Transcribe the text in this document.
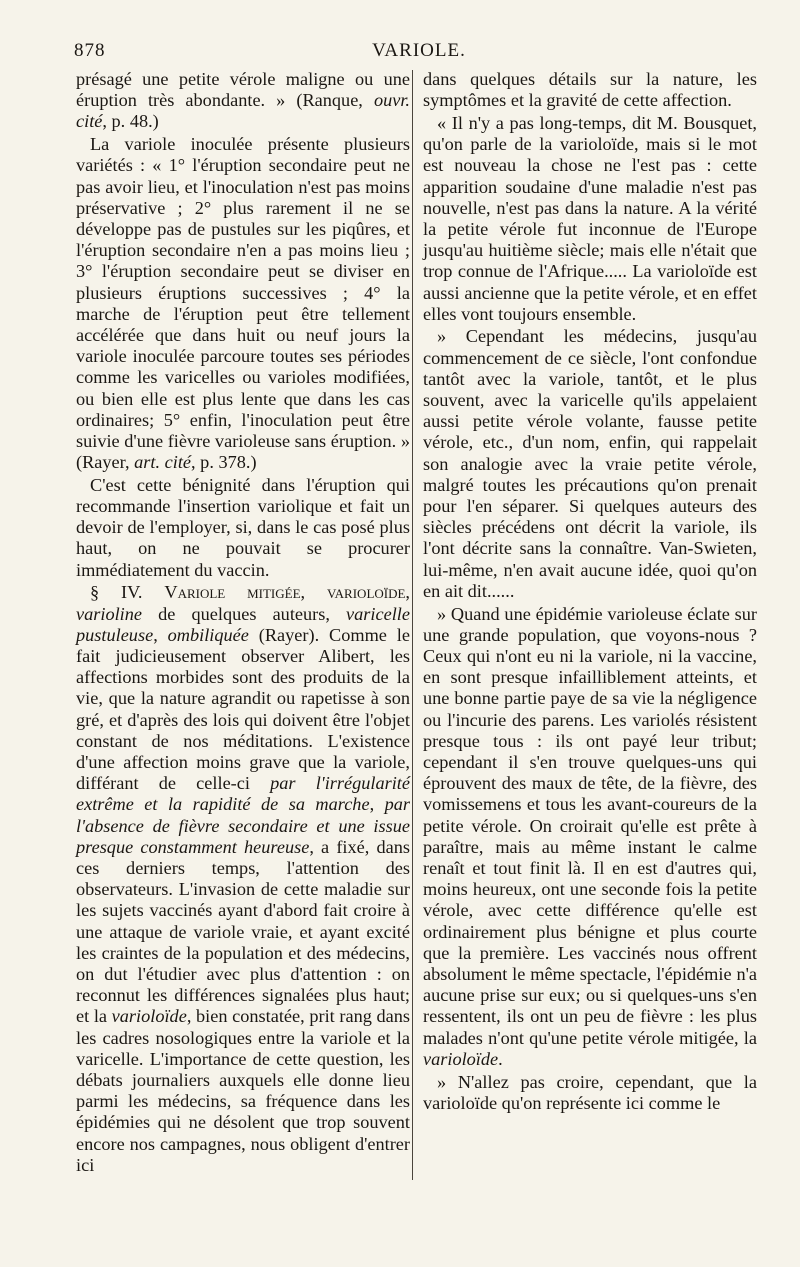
878	VARIOLE.

présagé une petite vérole maligne ou une éruption très abondante. » (Ranque, ouvr. cité, p. 48.)

La variole inoculée présente plusieurs variétés : « 1° l'éruption secondaire peut ne pas avoir lieu, et l'inoculation n'est pas moins préservative ; 2° plus rarement il ne se développe pas de pustules sur les piqûres, et l'éruption secondaire n'en a pas moins lieu ; 3° l'éruption secondaire peut se diviser en plusieurs éruptions successives ; 4° la marche de l'éruption peut être tellement accélérée que dans huit ou neuf jours la variole inoculée parcoure toutes ses périodes comme les varicelles ou varioles modifiées, ou bien elle est plus lente que dans les cas ordinaires; 5° enfin, l'inoculation peut être suivie d'une fièvre varioleuse sans éruption. » (Rayer, art. cité, p. 378.)

C'est cette bénignité dans l'éruption qui recommande l'insertion variolique et fait un devoir de l'employer, si, dans le cas posé plus haut, on ne pouvait se procurer immédiatement du vaccin.

§ IV. Variole mitigée, varioloïde, varioline de quelques auteurs, varicelle pustuleuse, ombiliquée (Rayer). Comme le fait judicieusement observer Alibert, les affections morbides sont des produits de la vie, que la nature agrandit ou rapetisse à son gré, et d'après des lois qui doivent être l'objet constant de nos méditations. L'existence d'une affection moins grave que la variole, différant de celle-ci par l'irrégularité extrême et la rapidité de sa marche, par l'absence de fièvre secondaire et une issue presque constamment heureuse, a fixé, dans ces derniers temps, l'attention des observateurs. L'invasion de cette maladie sur les sujets vaccinés ayant d'abord fait croire à une attaque de variole vraie, et ayant excité les craintes de la population et des médecins, on dut l'étudier avec plus d'attention : on reconnut les différences signalées plus haut; et la varioloïde, bien constatée, prit rang dans les cadres nosologiques entre la variole et la varicelle. L'importance de cette question, les débats journaliers auxquels elle donne lieu parmi les médecins, sa fréquence dans les épidémies qui ne désolent que trop souvent encore nos campagnes, nous obligent d'entrer ici

dans quelques détails sur la nature, les symptômes et la gravité de cette affection.

« Il n'y a pas long-temps, dit M. Bousquet, qu'on parle de la varioloïde, mais si le mot est nouveau la chose ne l'est pas : cette apparition soudaine d'une maladie n'est pas nouvelle, n'est pas dans la nature. A la vérité la petite vérole fut inconnue de l'Europe jusqu'au huitième siècle; mais elle n'était que trop connue de l'Afrique..... La varioloïde est aussi ancienne que la petite vérole, et en effet elles vont toujours ensemble.

» Cependant les médecins, jusqu'au commencement de ce siècle, l'ont confondue tantôt avec la variole, tantôt, et le plus souvent, avec la varicelle qu'ils appelaient aussi petite vérole volante, fausse petite vérole, etc., d'un nom, enfin, qui rappelait son analogie avec la vraie petite vérole, malgré toutes les précautions qu'on prenait pour l'en séparer. Si quelques auteurs des siècles précédens ont décrit la variole, ils l'ont décrite sans la connaître. Van-Swieten, lui-même, n'en avait aucune idée, quoi qu'on en ait dit......

» Quand une épidémie varioleuse éclate sur une grande population, que voyons-nous ? Ceux qui n'ont eu ni la variole, ni la vaccine, en sont presque infailliblement atteints, et une bonne partie paye de sa vie la négligence ou l'incurie des parens. Les variolés résistent presque tous : ils ont payé leur tribut; cependant il s'en trouve quelques-uns qui éprouvent des maux de tête, de la fièvre, des vomissemens et tous les avant-coureurs de la petite vérole. On croirait qu'elle est prête à paraître, mais au même instant le calme renaît et tout finit là. Il en est d'autres qui, moins heureux, ont une seconde fois la petite vérole, avec cette différence qu'elle est ordinairement plus bénigne et plus courte que la première. Les vaccinés nous offrent absolument le même spectacle, l'épidémie n'a aucune prise sur eux; ou si quelques-uns s'en ressentent, ils ont un peu de fièvre : les plus malades n'ont qu'une petite vérole mitigée, la varioloïde.

» N'allez pas croire, cependant, que la varioloïde qu'on représente ici comme le
